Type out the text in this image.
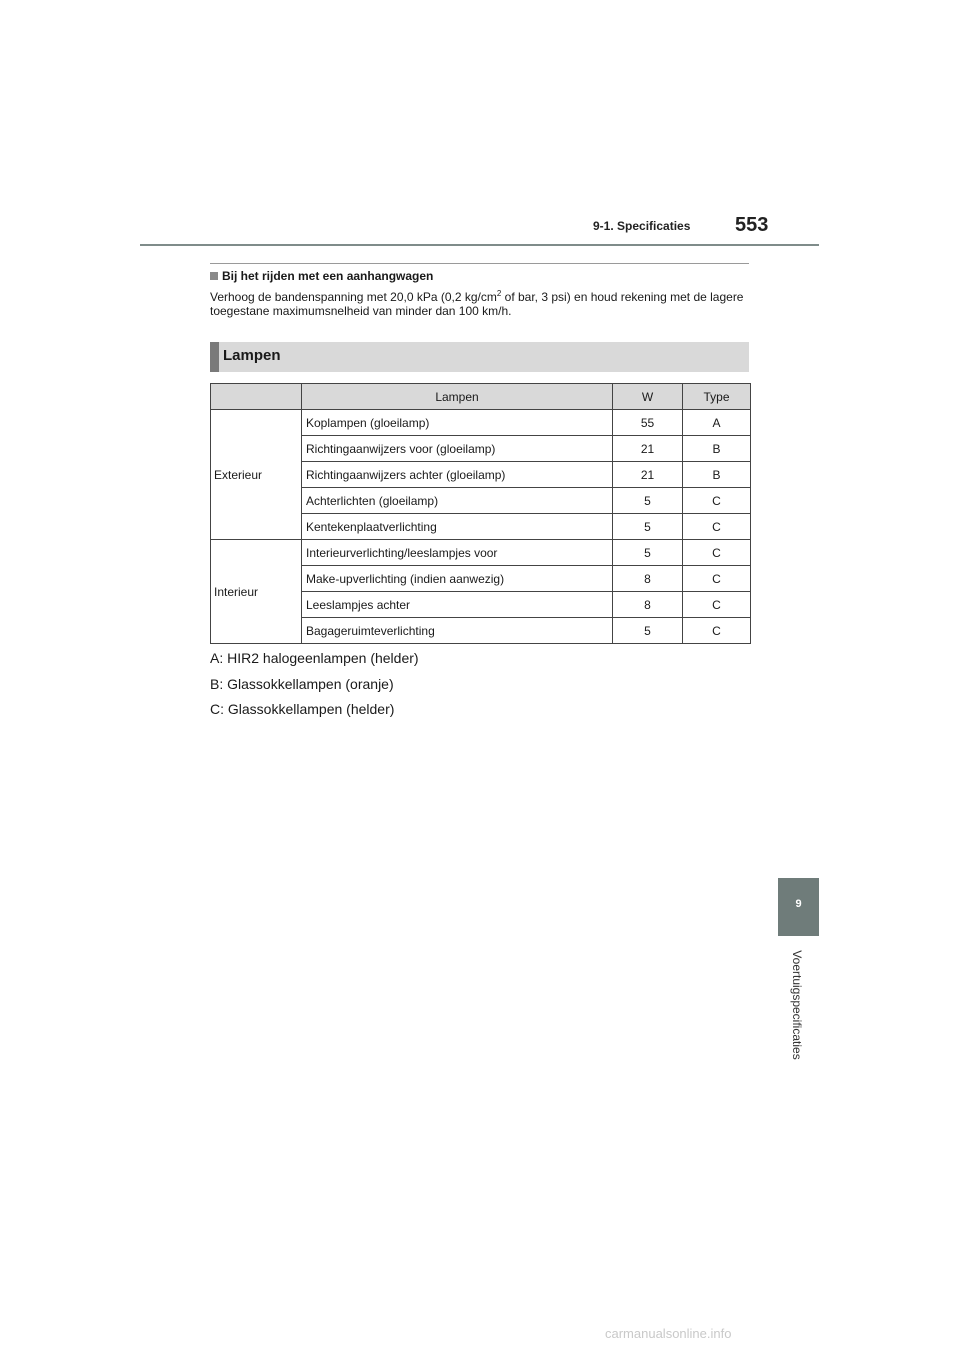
9-1. Specificaties 553
Bij het rijden met een aanhangwagen
Verhoog de bandenspanning met 20,0 kPa (0,2 $kg/cm^2$ of bar, 3 psi) en houd rekening met de lagere toegestane maximumsnelheid van minder dan 100 km/h.
Lampen
	Lampen	W	Type
Exterieur	Koplampen (gloeilamp)	55	A
	Richtingaanwijzers voor (gloeilamp)	21	B
	Richtingaanwijzers achter (gloeilamp)	21	B
	Achterlichten (gloeilamp)	5	C
	Kentekenplaatverlichting	5	C
Interieur	Interieurverlichting/leeslampjes voor	5	C
	Make-upverlichting (indien aanwezig)	8	C
	Leeslampjes achter	8	C
	Bagageruimteverlichting	5	C
A: HIR2 halogeenlampen (helder)
B: Glassokkellampen (oranje)
C: Glassokkellampen (helder)
9
Voertuigspecificaties
carmanualsonline.info
